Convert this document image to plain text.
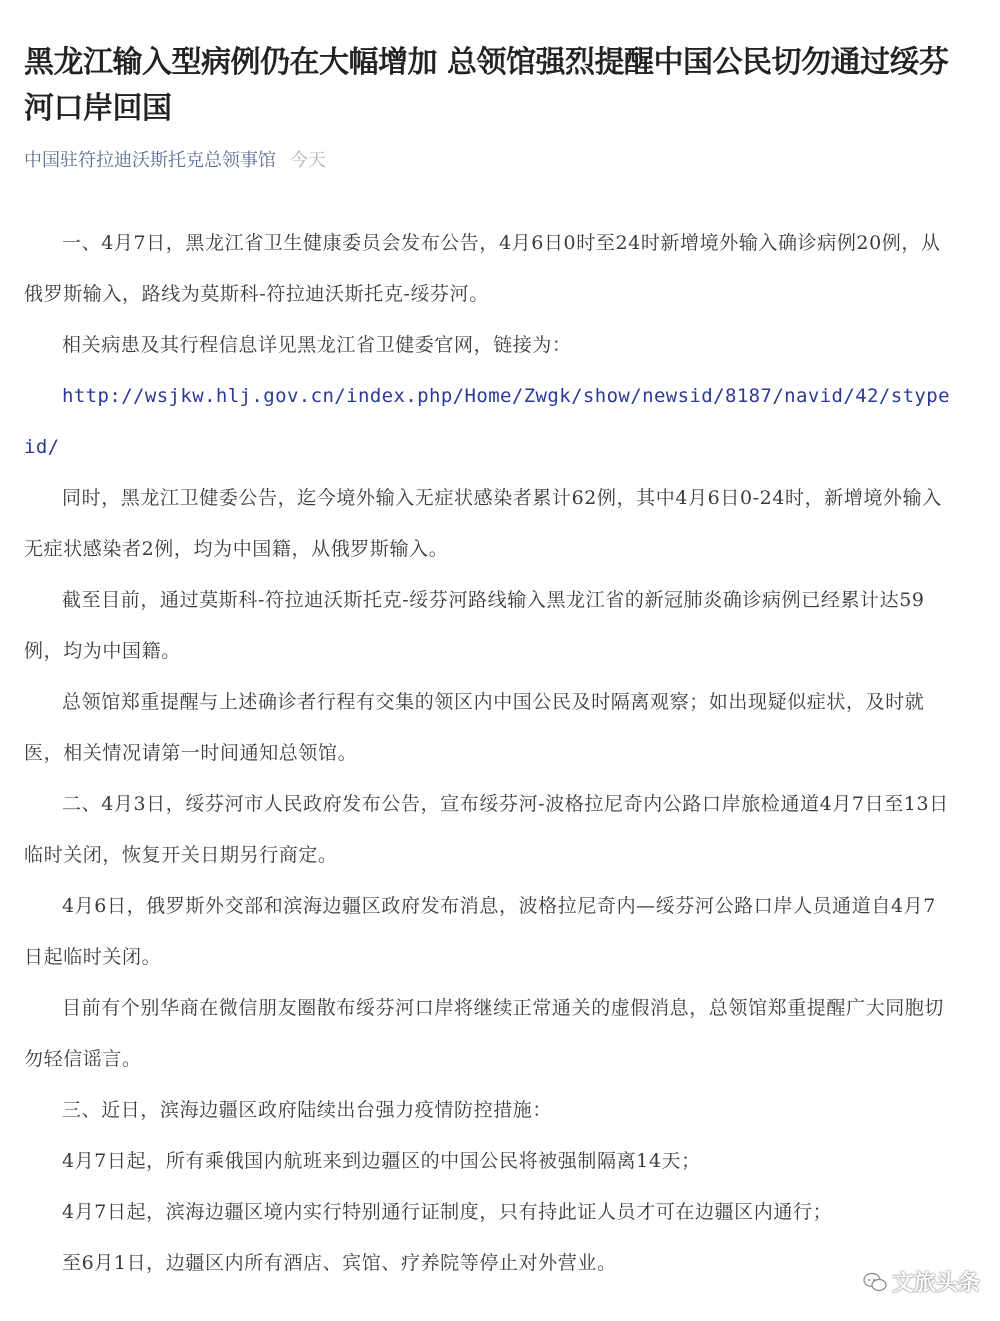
黑龙江输入型病例仍在大幅增加 总领馆强烈提醒中国公民切勿通过绥芬河口岸回国
中国驻符拉迪沃斯托克总领事馆 今天

一、4月7日，黑龙江省卫生健康委员会发布公告，4月6日0时至24时新增境外输入确诊病例20例，从俄罗斯输入，路线为莫斯科-符拉迪沃斯托克-绥芬河。

相关病患及其行程信息详见黑龙江省卫健委官网，链接为：

http://wsjkw.hlj.gov.cn/index.php/Home/Zwgk/show/newsid/8187/navid/42/stypeid/

同时，黑龙江卫健委公告，迄今境外输入无症状感染者累计62例，其中4月6日0-24时，新增境外输入无症状感染者2例，均为中国籍，从俄罗斯输入。

截至目前，通过莫斯科-符拉迪沃斯托克-绥芬河路线输入黑龙江省的新冠肺炎确诊病例已经累计达59例，均为中国籍。

总领馆郑重提醒与上述确诊者行程有交集的领区内中国公民及时隔离观察；如出现疑似症状，及时就医，相关情况请第一时间通知总领馆。

二、4月3日，绥芬河市人民政府发布公告，宣布绥芬河-波格拉尼奇内公路口岸旅检通道4月7日至13日临时关闭，恢复开关日期另行商定。

4月6日，俄罗斯外交部和滨海边疆区政府发布消息，波格拉尼奇内—绥芬河公路口岸人员通道自4月7日起临时关闭。

目前有个别华商在微信朋友圈散布绥芬河口岸将继续正常通关的虚假消息，总领馆郑重提醒广大同胞切勿轻信谣言。

三、近日，滨海边疆区政府陆续出台强力疫情防控措施：

4月7日起，所有乘俄国内航班来到边疆区的中国公民将被强制隔离14天；

4月7日起，滨海边疆区境内实行特别通行证制度，只有持此证人员才可在边疆区内通行；

至6月1日，边疆区内所有酒店、宾馆、疗养院等停止对外营业。

文旅头条
